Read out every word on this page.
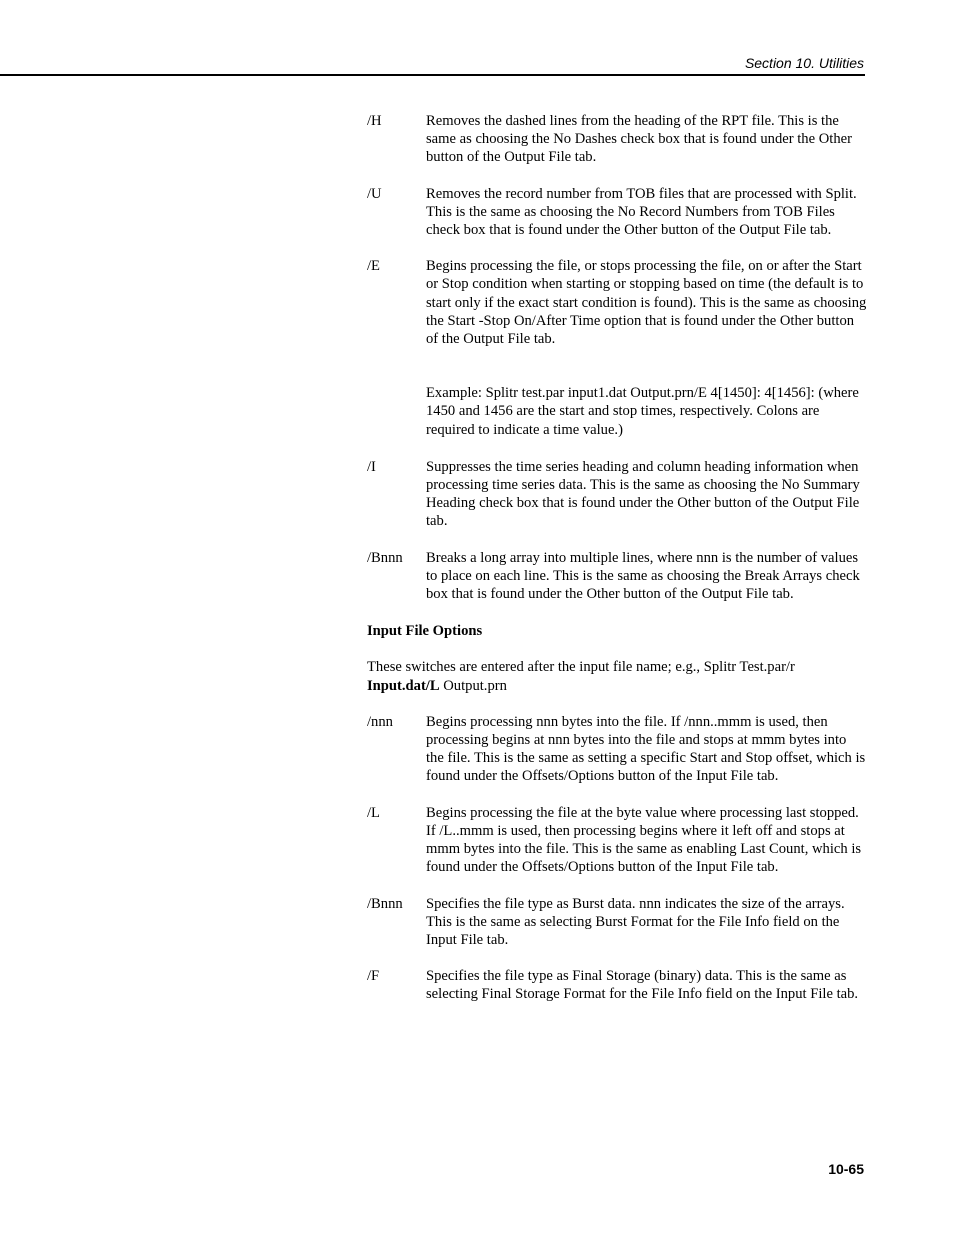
Section 10. Utilities
/H	Removes the dashed lines from the heading of the RPT file. This is the same as choosing the No Dashes check box that is found under the Other button of the Output File tab.
/U	Removes the record number from TOB files that are processed with Split. This is the same as choosing the No Record Numbers from TOB Files check box that is found under the Other button of the Output File tab.
/E	Begins processing the file, or stops processing the file, on or after the Start or Stop condition when starting or stopping based on time (the default is to start only if the exact start condition is found). This is the same as choosing the Start -Stop On/After Time option that is found under the Other button of the Output File tab.
Example: Splitr test.par input1.dat Output.prn/E 4[1450]: 4[1456]: (where 1450 and 1456 are the start and stop times, respectively. Colons are required to indicate a time value.)
/I	Suppresses the time series heading and column heading information when processing time series data. This is the same as choosing the No Summary Heading check box that is found under the Other button of the Output File tab.
/Bnnn	Breaks a long array into multiple lines, where nnn is the number of values to place on each line. This is the same as choosing the Break Arrays check box that is found under the Other button of the Output File tab.

Input File Options

These switches are entered after the input file name; e.g., Splitr Test.par/r Input.dat/L Output.prn

/nnn	Begins processing nnn bytes into the file. If /nnn..mmm is used, then processing begins at nnn bytes into the file and stops at mmm bytes into the file. This is the same as setting a specific Start and Stop offset, which is found under the Offsets/Options button of the Input File tab.
/L	Begins processing the file at the byte value where processing last stopped. If /L..mmm is used, then processing begins where it left off and stops at mmm bytes into the file. This is the same as enabling Last Count, which is found under the Offsets/Options button of the Input File tab.
/Bnnn	Specifies the file type as Burst data. nnn indicates the size of the arrays. This is the same as selecting Burst Format for the File Info field on the Input File tab.
/F	Specifies the file type as Final Storage (binary) data. This is the same as selecting Final Storage Format for the File Info field on the Input File tab.
10-65
